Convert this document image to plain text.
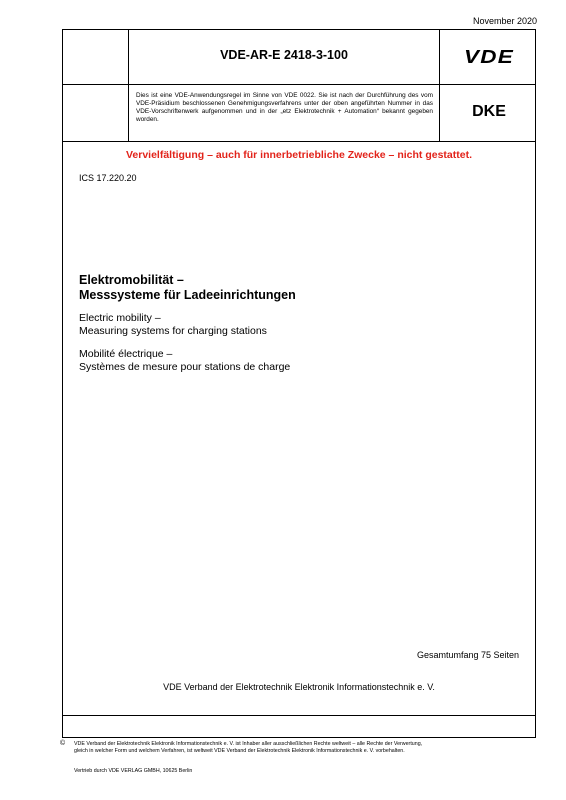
November 2020
VDE-AR-E 2418-3-100	VDE
Dies ist eine VDE-Anwendungsregel im Sinne von VDE 0022. Sie ist nach der Durchführung des vom VDE-Präsidium beschlossenen Genehmigungsverfahrens unter der oben angeführten Nummer in das VDE-Vorschriftenwerk aufgenommen und in der „etz Elektrotechnik + Automation“ bekannt gegeben worden.	DKE
Vervielfältigung – auch für innerbetriebliche Zwecke – nicht gestattet.
ICS 17.220.20
Elektromobilität –
Messsysteme für Ladeeinrichtungen
Electric mobility –
Measuring systems for charging stations
Mobilité électrique –
Systèmes de mesure pour stations de charge
Gesamtumfang 75 Seiten
VDE Verband der Elektrotechnik Elektronik Informationstechnik e. V.
© VDE Verband der Elektrotechnik Elektronik Informationstechnik e. V. ist Inhaber aller ausschließlichen Rechte weltweit – alle Rechte der Verwertung, gleich in welcher Form und welchem Verfahren, ist weltweit VDE Verband der Elektrotechnik Elektronik Informationstechnik e. V. vorbehalten.
Vertrieb durch VDE VERLAG GMBH, 10625 Berlin
